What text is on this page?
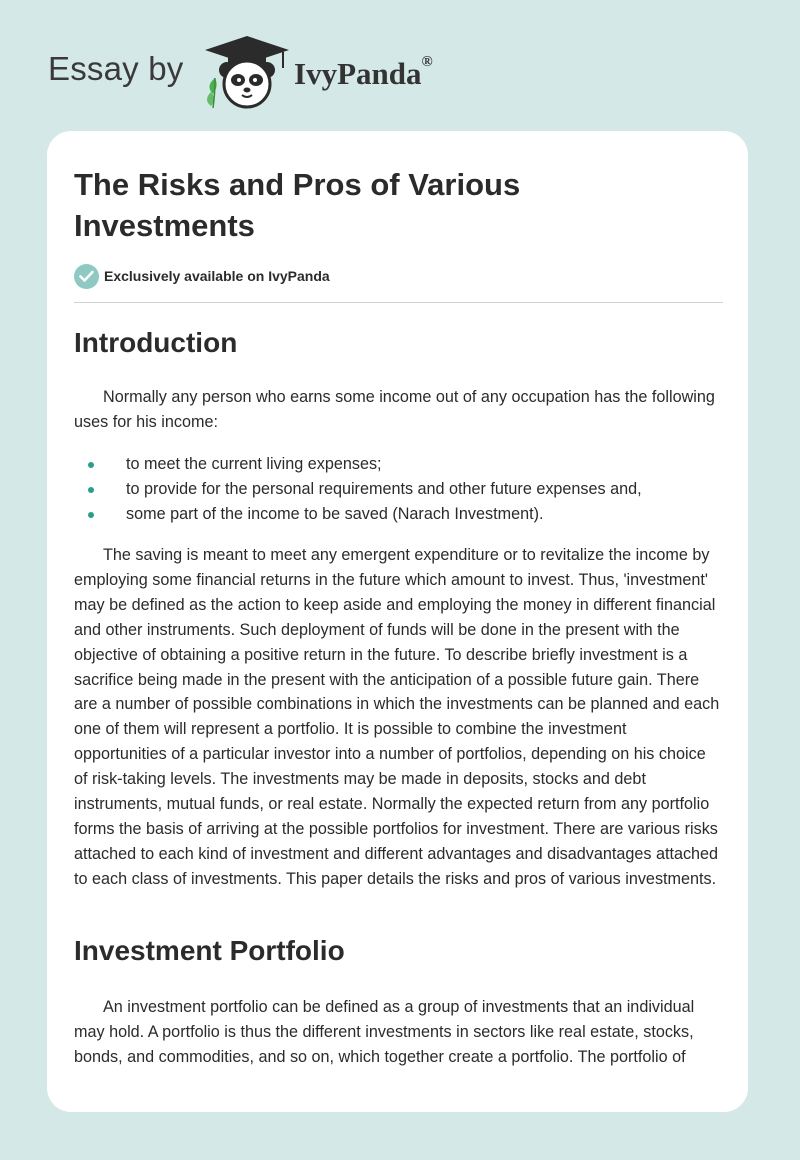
Essay by	IvyPanda®
The Risks and Pros of Various Investments
Exclusively available on IvyPanda
Introduction

Normally any person who earns some income out of any occupation has the following uses for his income:

to meet the current living expenses;
to provide for the personal requirements and other future expenses and,
some part of the income to be saved (Narach Investment).

The saving is meant to meet any emergent expenditure or to revitalize the income by employing some financial returns in the future which amount to invest. Thus, 'investment' may be defined as the action to keep aside and employing the money in different financial and other instruments. Such deployment of funds will be done in the present with the objective of obtaining a positive return in the future. To describe briefly investment is a sacrifice being made in the present with the anticipation of a possible future gain. There are a number of possible combinations in which the investments can be planned and each one of them will represent a portfolio. It is possible to combine the investment opportunities of a particular investor into a number of portfolios, depending on his choice of risk-taking levels. The investments may be made in deposits, stocks and debt instruments, mutual funds, or real estate. Normally the expected return from any portfolio forms the basis of arriving at the possible portfolios for investment. There are various risks attached to each kind of investment and different advantages and disadvantages attached to each class of investments. This paper details the risks and pros of various investments.

Investment Portfolio

An investment portfolio can be defined as a group of investments that an individual may hold. A portfolio is thus the different investments in sectors like real estate, stocks, bonds, and commodities, and so on, which together create a portfolio. The portfolio of
